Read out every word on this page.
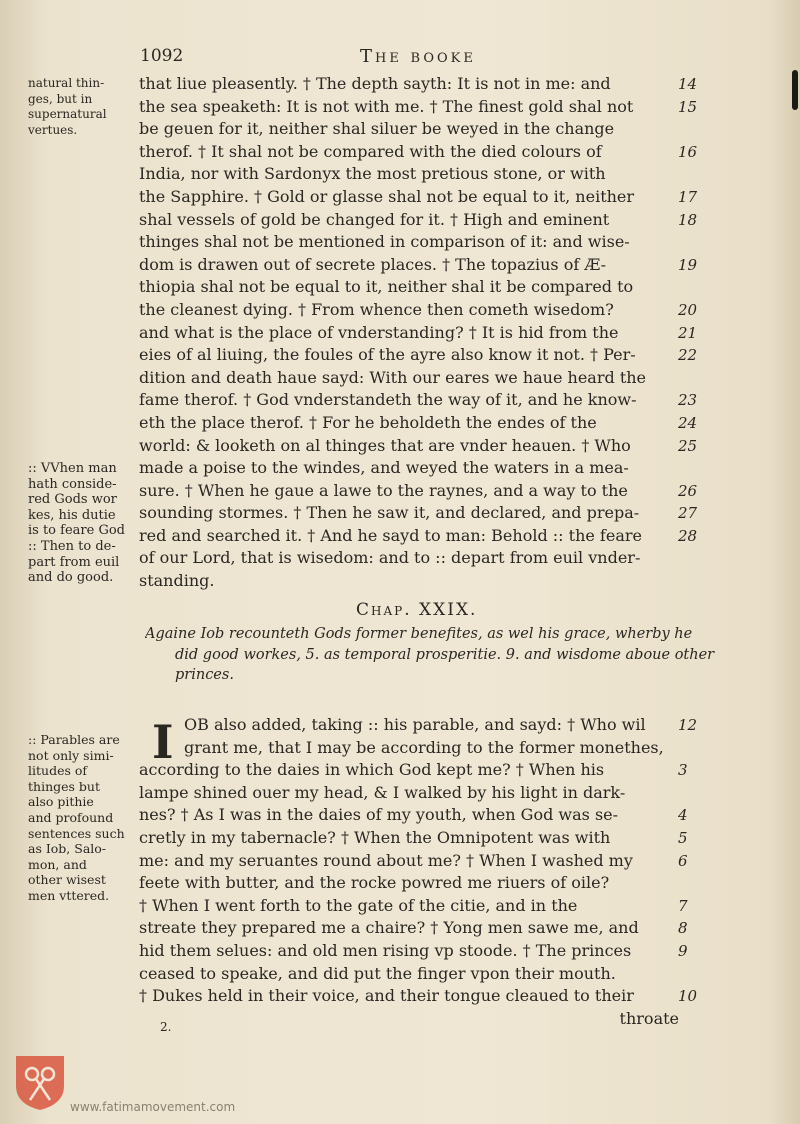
1092	The booke
natural thin-
ges, but in
supernatural
vertues.
:: VVhen man
hath conside-
red Gods wor
kes, his dutie
is to feare God
:: Then to de-
part from euil
and do good.
:: Parables are
not only simi-
litudes of
thinges but
also pithie
and profound
sentences such
as Iob, Salo-
mon, and
other wisest
men vttered.
that liue pleasently. † The depth sayth: It is not in me: and
the sea speaketh: It is not with me. † The finest gold shal not
be geuen for it, neither shal siluer be weyed in the change
therof. † It shal not be compared with the died colours of
India, nor with Sardonyx the most pretious stone, or with
the Sapphire. † Gold or glasse shal not be equal to it, neither
shal vessels of gold be changed for it. † High and eminent
thinges shal not be mentioned in comparison of it: and wise-
dom is drawen out of secrete places. † The topazius of Æ-
thiopia shal not be equal to it, neither shal it be compared to
the cleanest dying. † From whence then cometh wisedom?
and what is the place of vnderstanding? † It is hid from the
eies of al liuing, the foules of the ayre also know it not. † Per-
dition and death haue sayd: With our eares we haue heard the
fame therof. † God vnderstandeth the way of it, and he know-
eth the place therof. † For he beholdeth the endes of the
world: & looketh on al thinges that are vnder heauen. † Who
made a poise to the windes, and weyed the waters in a mea-
sure. † When he gaue a lawe to the raynes, and a way to the
sounding stormes. † Then he saw it, and declared, and prepa-
red and searched it. † And he sayd to man: Behold :: the feare
of our Lord, that is wisedom: and to :: depart from euil vnder-
standing.
14
15
16
17
18
19
20
21
22
23
24
25
26
27
28
Chap. XXIX.
Againe Iob recounteth Gods former benefites, as wel his grace, wherby he
did good workes, 5. as temporal prosperitie. 9. and wisdome aboue other
princes.
I OB also added, taking :: his parable, and sayd: † Who wil
grant me, that I may be according to the former monethes,
according to the daies in which God kept me? † When his
lampe shined ouer my head, & I walked by his light in dark-
nes? † As I was in the daies of my youth, when God was se-
cretly in my tabernacle? † When the Omnipotent was with
me: and my seruantes round about me? † When I washed my
feete with butter, and the rocke powred me riuers of oile?
† When I went forth to the gate of the citie, and in the
streate they prepared me a chaire? † Yong men sawe me, and
hid them selues: and old men rising vp stoode. † The princes
ceased to speake, and did put the finger vpon their mouth.
† Dukes held in their voice, and their tongue cleaued to their
throate
2.
12
3
4
5
6
7
8
9
10
www.fatimamovement.com
